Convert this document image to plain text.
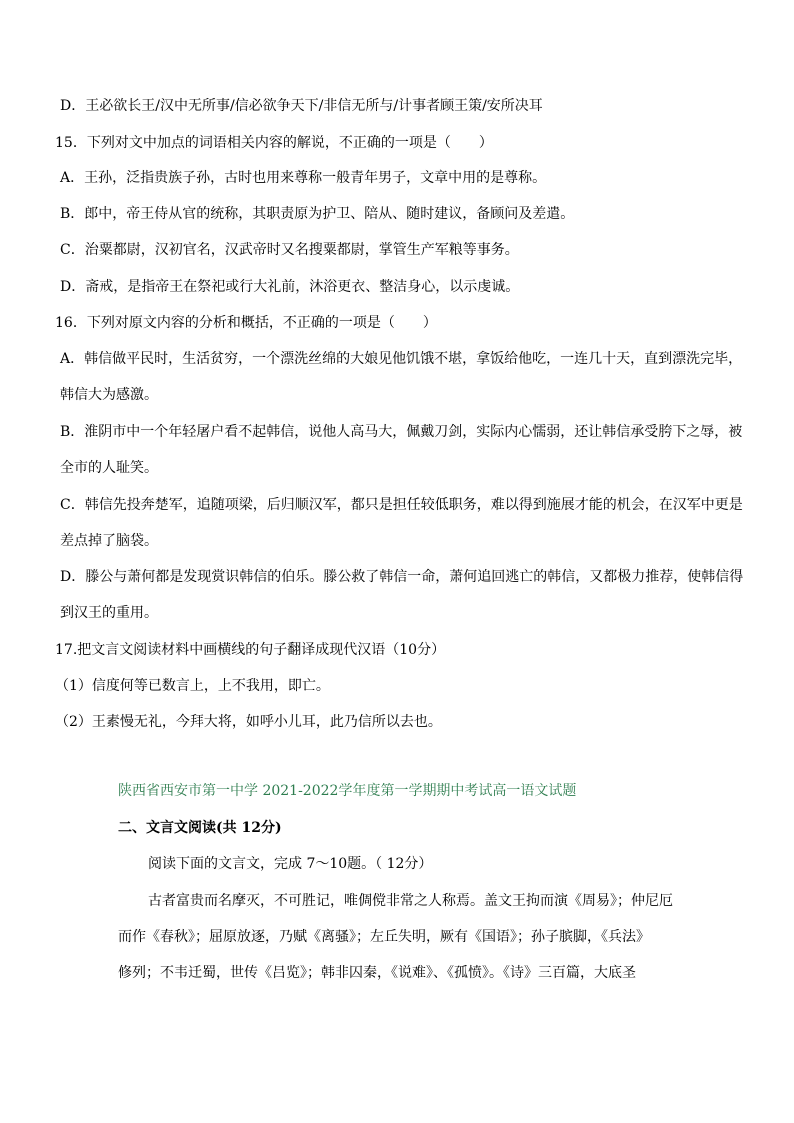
D．王必欲长王/汉中无所事/信必欲争天下/非信无所与/计事者顾王策/安所决耳
15．下列对文中加点的词语相关内容的解说，不正确的一项是（　　）
A．王孙，泛指贵族子孙，古时也用来尊称一般青年男子，文章中用的是尊称。
B．郎中，帝王侍从官的统称，其职责原为护卫、陪从、随时建议，备顾问及差遣。
C．治粟都尉，汉初官名，汉武帝时又名搜粟都尉，掌管生产军粮等事务。
D．斋戒，是指帝王在祭祀或行大礼前，沐浴更衣、整洁身心，以示虔诚。
16．下列对原文内容的分析和概括，不正确的一项是（　　）
A．韩信做平民时，生活贫穷，一个漂洗丝绵的大娘见他饥饿不堪，拿饭给他吃，一连几十天，直到漂洗完毕，
韩信大为感激。
B．淮阴市中一个年轻屠户看不起韩信，说他人高马大，佩戴刀剑，实际内心懦弱，还让韩信承受胯下之辱，被
全市的人耻笑。
C．韩信先投奔楚军，追随项梁，后归顺汉军，都只是担任较低职务，难以得到施展才能的机会，在汉军中更是
差点掉了脑袋。
D．滕公与萧何都是发现赏识韩信的伯乐。滕公救了韩信一命，萧何追回逃亡的韩信，又都极力推荐，使韩信得
到汉王的重用。
17.把文言文阅读材料中画横线的句子翻译成现代汉语（10分）
（1）信度何等已数言上，上不我用，即亡。
（2）王素慢无礼，今拜大将，如呼小儿耳，此乃信所以去也。
陕西省西安市第一中学 2021-2022学年度第一学期期中考试高一语文试题
二、文言文阅读(共 12分)
阅读下面的文言文，完成 7～10题。（ 12分）
古者富贵而名摩灭，不可胜记，唯倜傥非常之人称焉。盖文王拘而演《周易》；仲尼厄
而作《春秋》；屈原放逐，乃赋《离骚》；左丘失明，厥有《国语》；孙子膑脚，《兵法》
修列；不韦迁蜀，世传《吕览》；韩非囚秦，《说难》、《孤愤》。《诗》三百篇，大底圣
